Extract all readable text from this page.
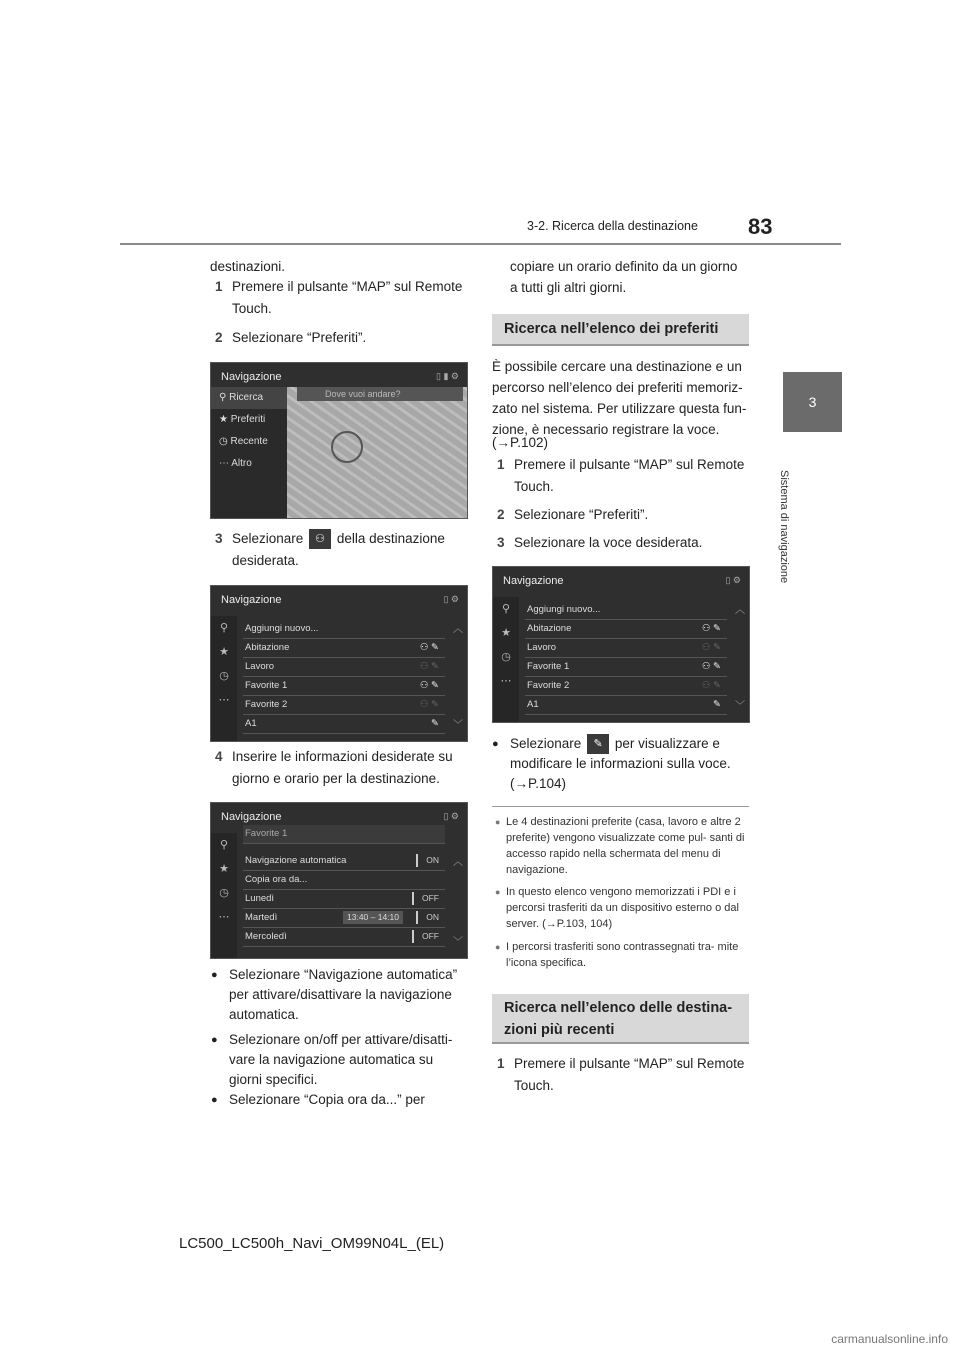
3-2. Ricerca della destinazione 83
3
Sistema di navigazione

destinazioni.

1 Premere il pulsante “MAP” sul Remote Touch.
2 Selezionare “Preferiti”.
Navigazione	▯ ▮ ⚙
⚲ Ricerca
★ Preferiti
◷ Recente
⋯ Altro
Dove vuoi andare?
3 Selezionare ⚇ della destinazione desiderata.
Navigazione	▯ ⚙
⚲
★
◷
⋯
Aggiungi nuovo...
Abitazione	⚇ ✎
Lavoro	⚇ ✎
Favorite 1	⚇ ✎
Favorite 2	⚇ ✎
A1	✎
︿
﹀
4 Inserire le informazioni desiderate su giorno e orario per la destinazione.
Navigazione	▯ ⚙
⚲
★
◷
⋯
Favorite 1
Navigazione automatica	ON
Copia ora da...
Lunedì	OFF
Martedì	13:40 – 14:10	ON
Mercoledì	OFF
︿
﹀
● Selezionare “Navigazione automatica” per attivare/disattivare la navigazione automatica.
● Selezionare on/off per attivare/disatti- vare la navigazione automatica su giorni specifici.
● Selezionare “Copia ora da...” per

copiare un orario definito da un giorno a tutti gli altri giorni.

Ricerca nell’elenco dei preferiti

È possibile cercare una destinazione e un percorso nell’elenco dei preferiti memoriz- zato nel sistema. Per utilizzare questa fun- zione, è necessario registrare la voce.

(→P.102)

1 Premere il pulsante “MAP” sul Remote Touch.
2 Selezionare “Preferiti”.
3 Selezionare la voce desiderata.
Navigazione	▯ ⚙
⚲
★
◷
⋯
Aggiungi nuovo...
Abitazione	⚇ ✎
Lavoro	⚇ ✎
Favorite 1	⚇ ✎
Favorite 2	⚇ ✎
A1	✎
︿
﹀
● Selezionare ✎ per visualizzare e modificare le informazioni sulla voce.
(→P.104)
● Le 4 destinazioni preferite (casa, lavoro e altre 2 preferite) vengono visualizzate come pul- santi di accesso rapido nella schermata del menu di navigazione.
● In questo elenco vengono memorizzati i PDI e i percorsi trasferiti da un dispositivo esterno o dal server. (→P.103, 104)
● I percorsi trasferiti sono contrassegnati tra- mite l’icona specifica.
Ricerca nell’elenco delle destina- zioni più recenti
1 Premere il pulsante “MAP” sul Remote Touch.
LC500_LC500h_Navi_OM99N04L_(EL)
carmanualsonline.info
